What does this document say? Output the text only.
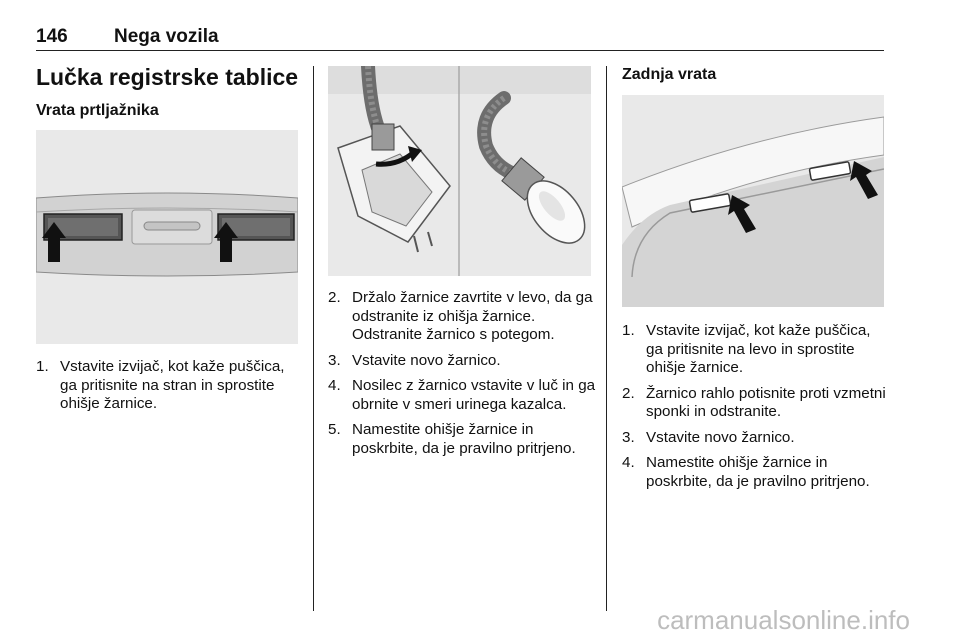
146 Nega vozila
Lučka registrske tablice
Vrata prtljažnika
1. Vstavite izvijač, kot kaže puščica, ga pritisnite na stran in sprostite ohišje žarnice.
2. Držalo žarnice zavrtite v levo, da ga odstranite iz ohišja žarnice. Odstranite žarnico s potegom.
3. Vstavite novo žarnico.
4. Nosilec z žarnico vstavite v luč in ga obrnite v smeri urinega kazalca.
5. Namestite ohišje žarnice in poskrbite, da je pravilno pritrjeno.
Zadnja vrata
1. Vstavite izvijač, kot kaže puščica, ga pritisnite na levo in sprostite ohišje žarnice.
2. Žarnico rahlo potisnite proti vzmetni sponki in odstranite.
3. Vstavite novo žarnico.
4. Namestite ohišje žarnice in poskrbite, da je pravilno pritrjeno.
carmanualsonline.info
